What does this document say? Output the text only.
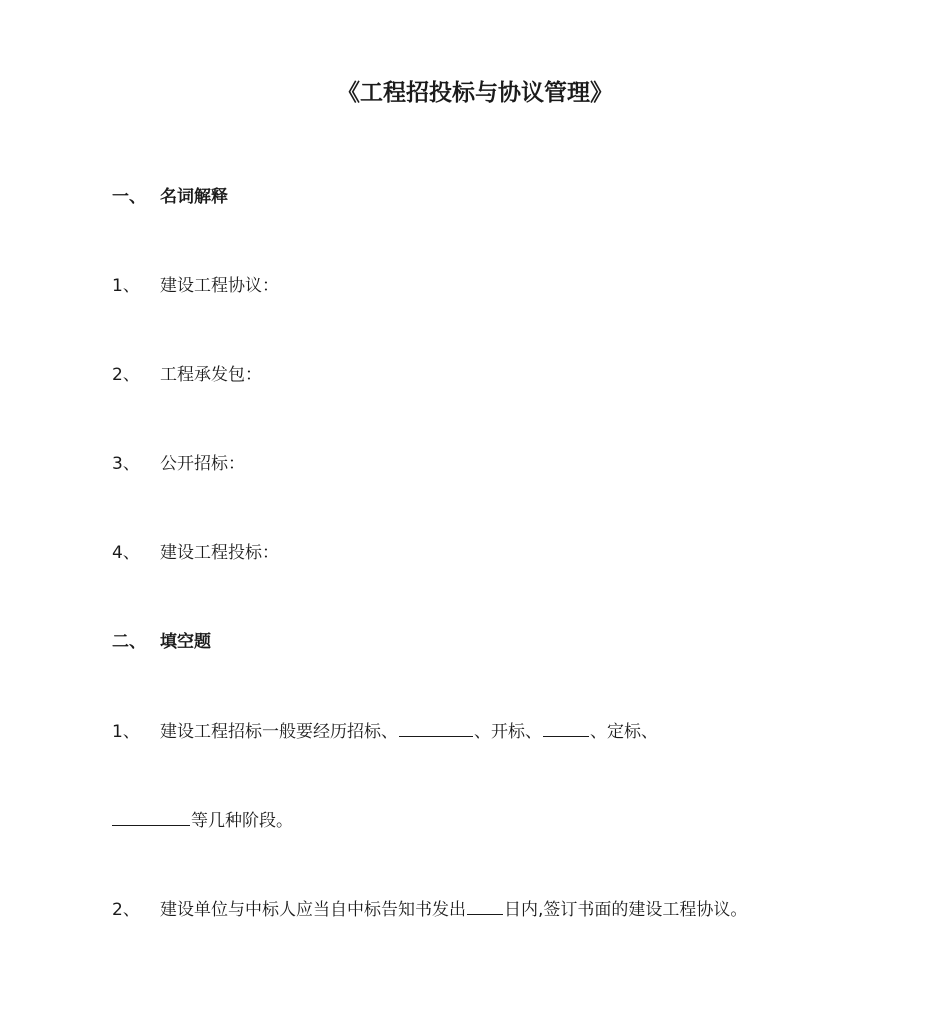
《工程招投标与协议管理》
一、 名词解释
1、 建设工程协议：
2、 工程承发包：
3、 公开招标：
4、 建设工程投标：
二、 填空题
1、 建设工程招标一般要经历招标、	、开标、	、定标、
等几种阶段。
2、 建设单位与中标人应当自中标告知书发出 日内,签订书面的建设工程协议。
